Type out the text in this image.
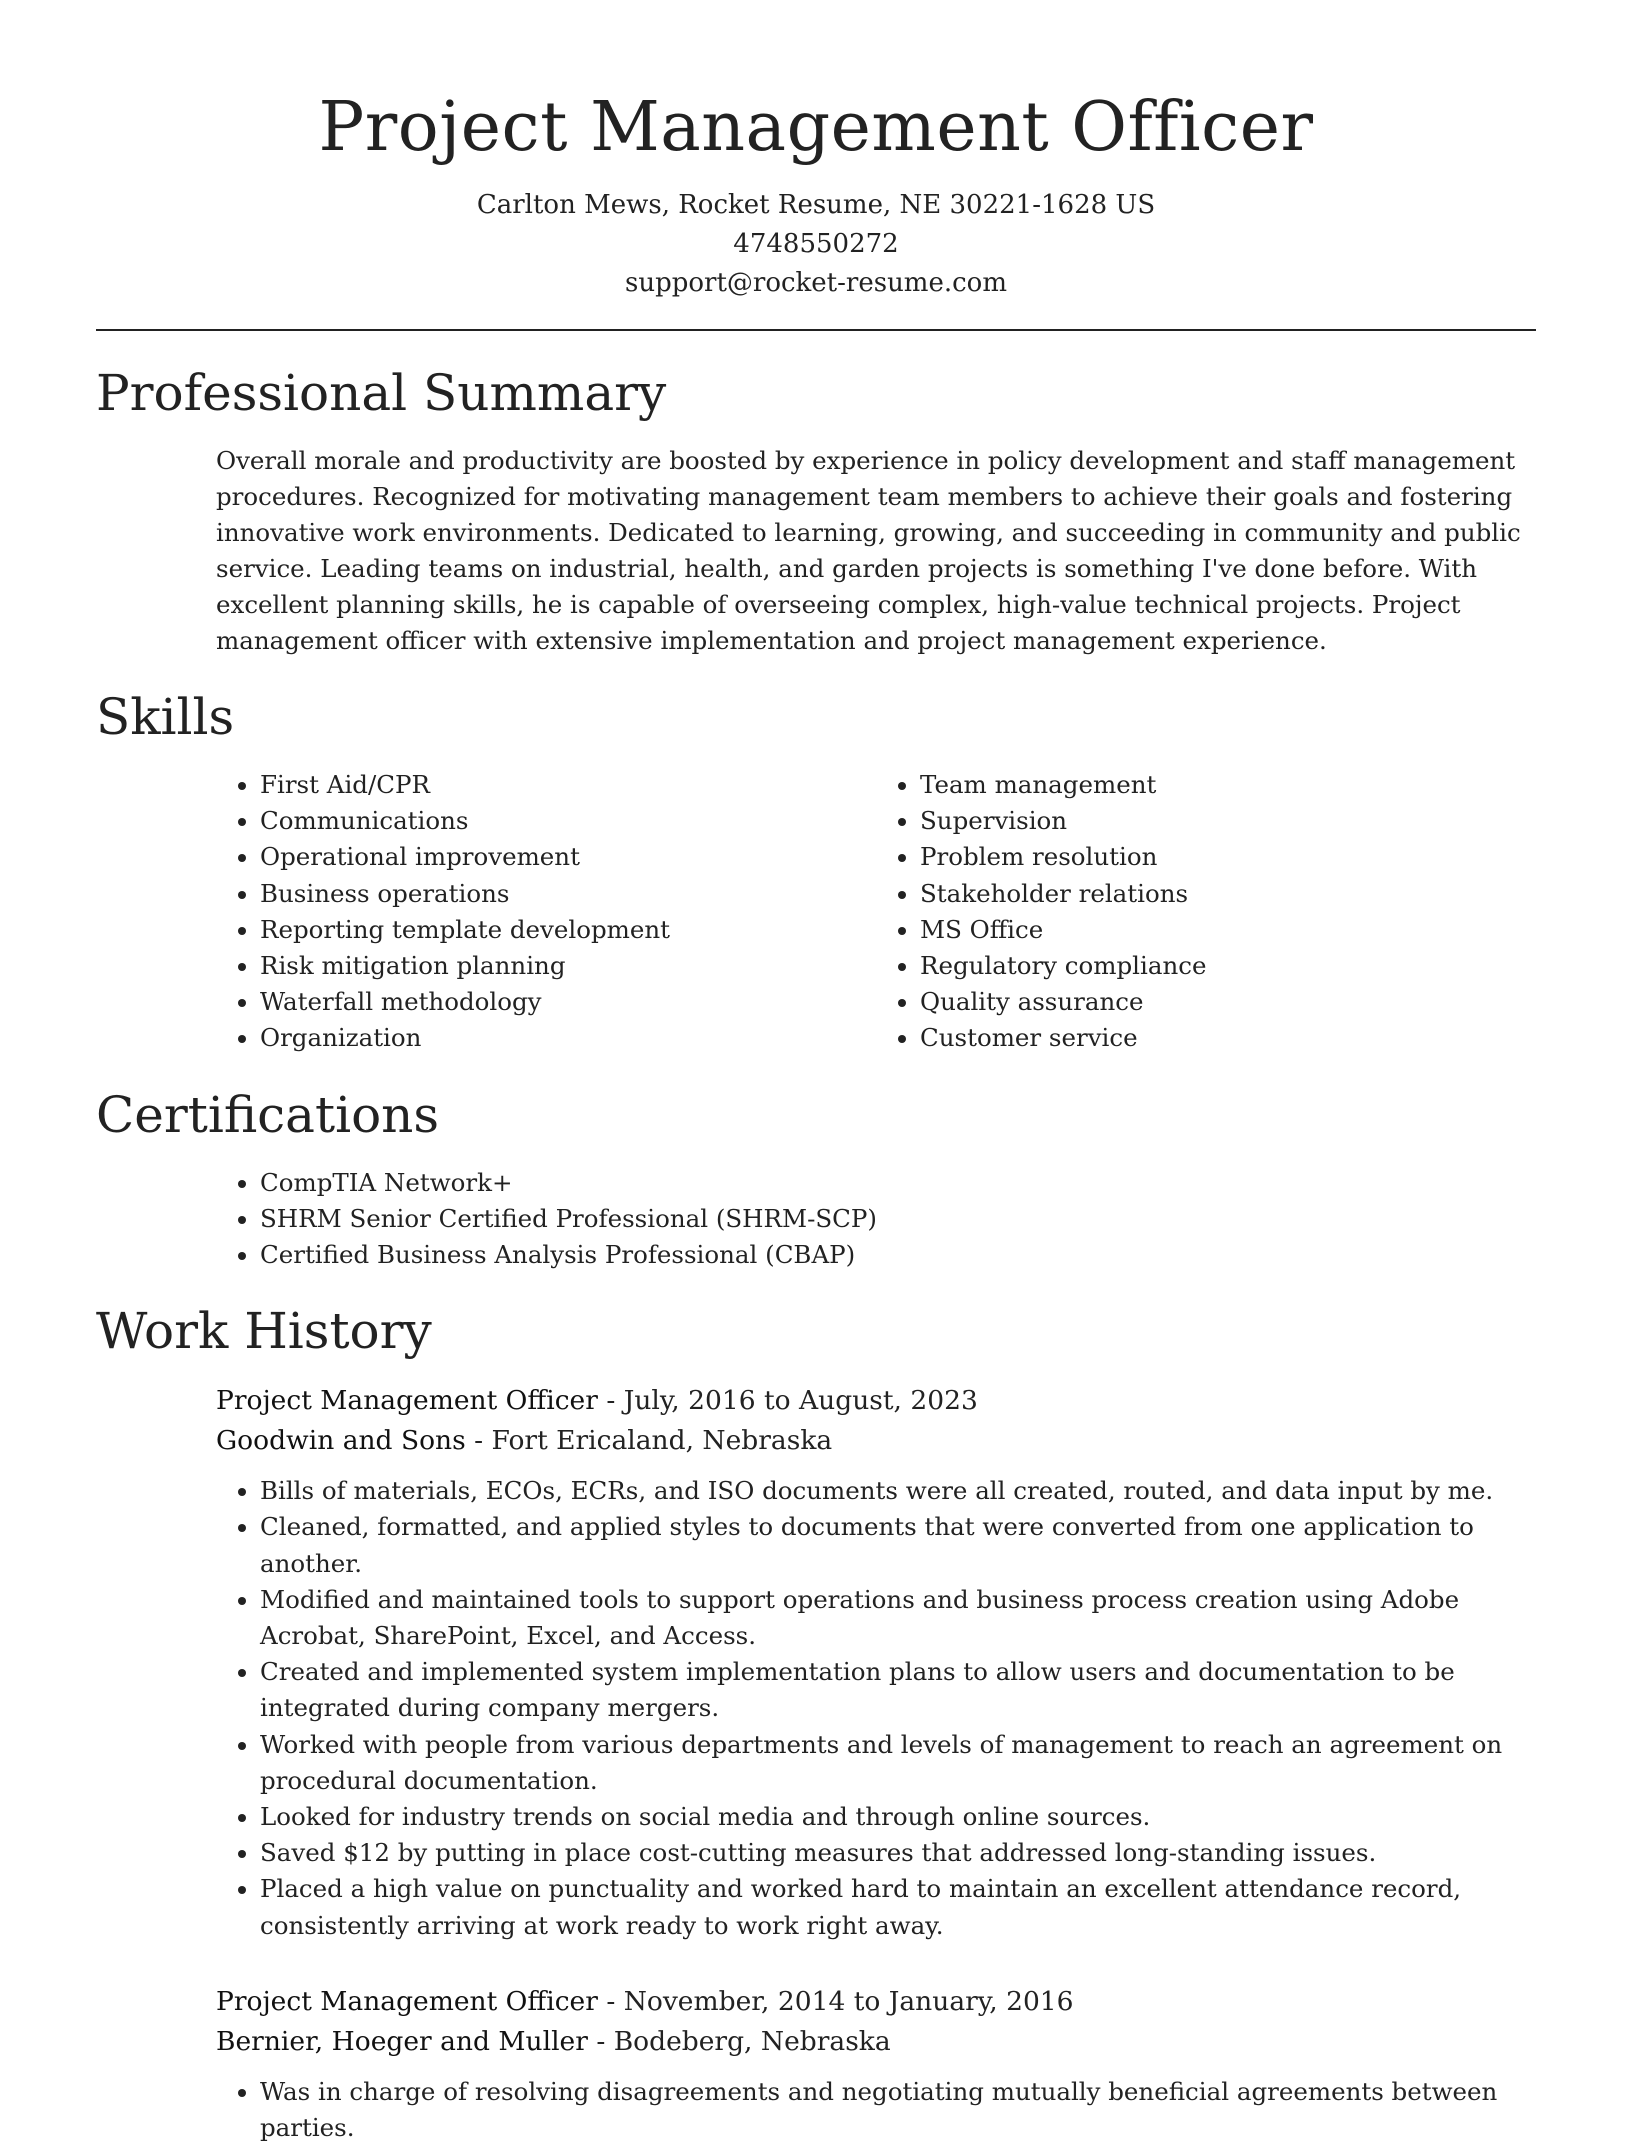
Project Management Officer
Carlton Mews, Rocket Resume, NE 30221-1628 US
4748550272
support@rocket-resume.com
Professional Summary

Overall morale and productivity are boosted by experience in policy development and staff management procedures. Recognized for motivating management team members to achieve their goals and fostering innovative work environments. Dedicated to learning, growing, and succeeding in community and public service. Leading teams on industrial, health, and garden projects is something I've done before. With excellent planning skills, he is capable of overseeing complex, high-value technical projects. Project management officer with extensive implementation and project management experience.

Skills
• First Aid/CPR
• Communications
• Operational improvement
• Business operations
• Reporting template development
• Risk mitigation planning
• Waterfall methodology
• Organization
• Team management
• Supervision
• Problem resolution
• Stakeholder relations
• MS Office
• Regulatory compliance
• Quality assurance
• Customer service
Certifications
• CompTIA Network+
• SHRM Senior Certified Professional (SHRM-SCP)
• Certified Business Analysis Professional (CBAP)
Work History
Project Management Officer - July, 2016 to August, 2023
Goodwin and Sons - Fort Ericaland, Nebraska
• Bills of materials, ECOs, ECRs, and ISO documents were all created, routed, and data input by me.
• Cleaned, formatted, and applied styles to documents that were converted from one application to another.
• Modified and maintained tools to support operations and business process creation using Adobe Acrobat, SharePoint, Excel, and Access.
• Created and implemented system implementation plans to allow users and documentation to be integrated during company mergers.
• Worked with people from various departments and levels of management to reach an agreement on procedural documentation.
• Looked for industry trends on social media and through online sources.
• Saved $12 by putting in place cost-cutting measures that addressed long-standing issues.
• Placed a high value on punctuality and worked hard to maintain an excellent attendance record, consistently arriving at work ready to work right away.
Project Management Officer - November, 2014 to January, 2016
Bernier, Hoeger and Muller - Bodeberg, Nebraska
• Was in charge of resolving disagreements and negotiating mutually beneficial agreements between parties.
